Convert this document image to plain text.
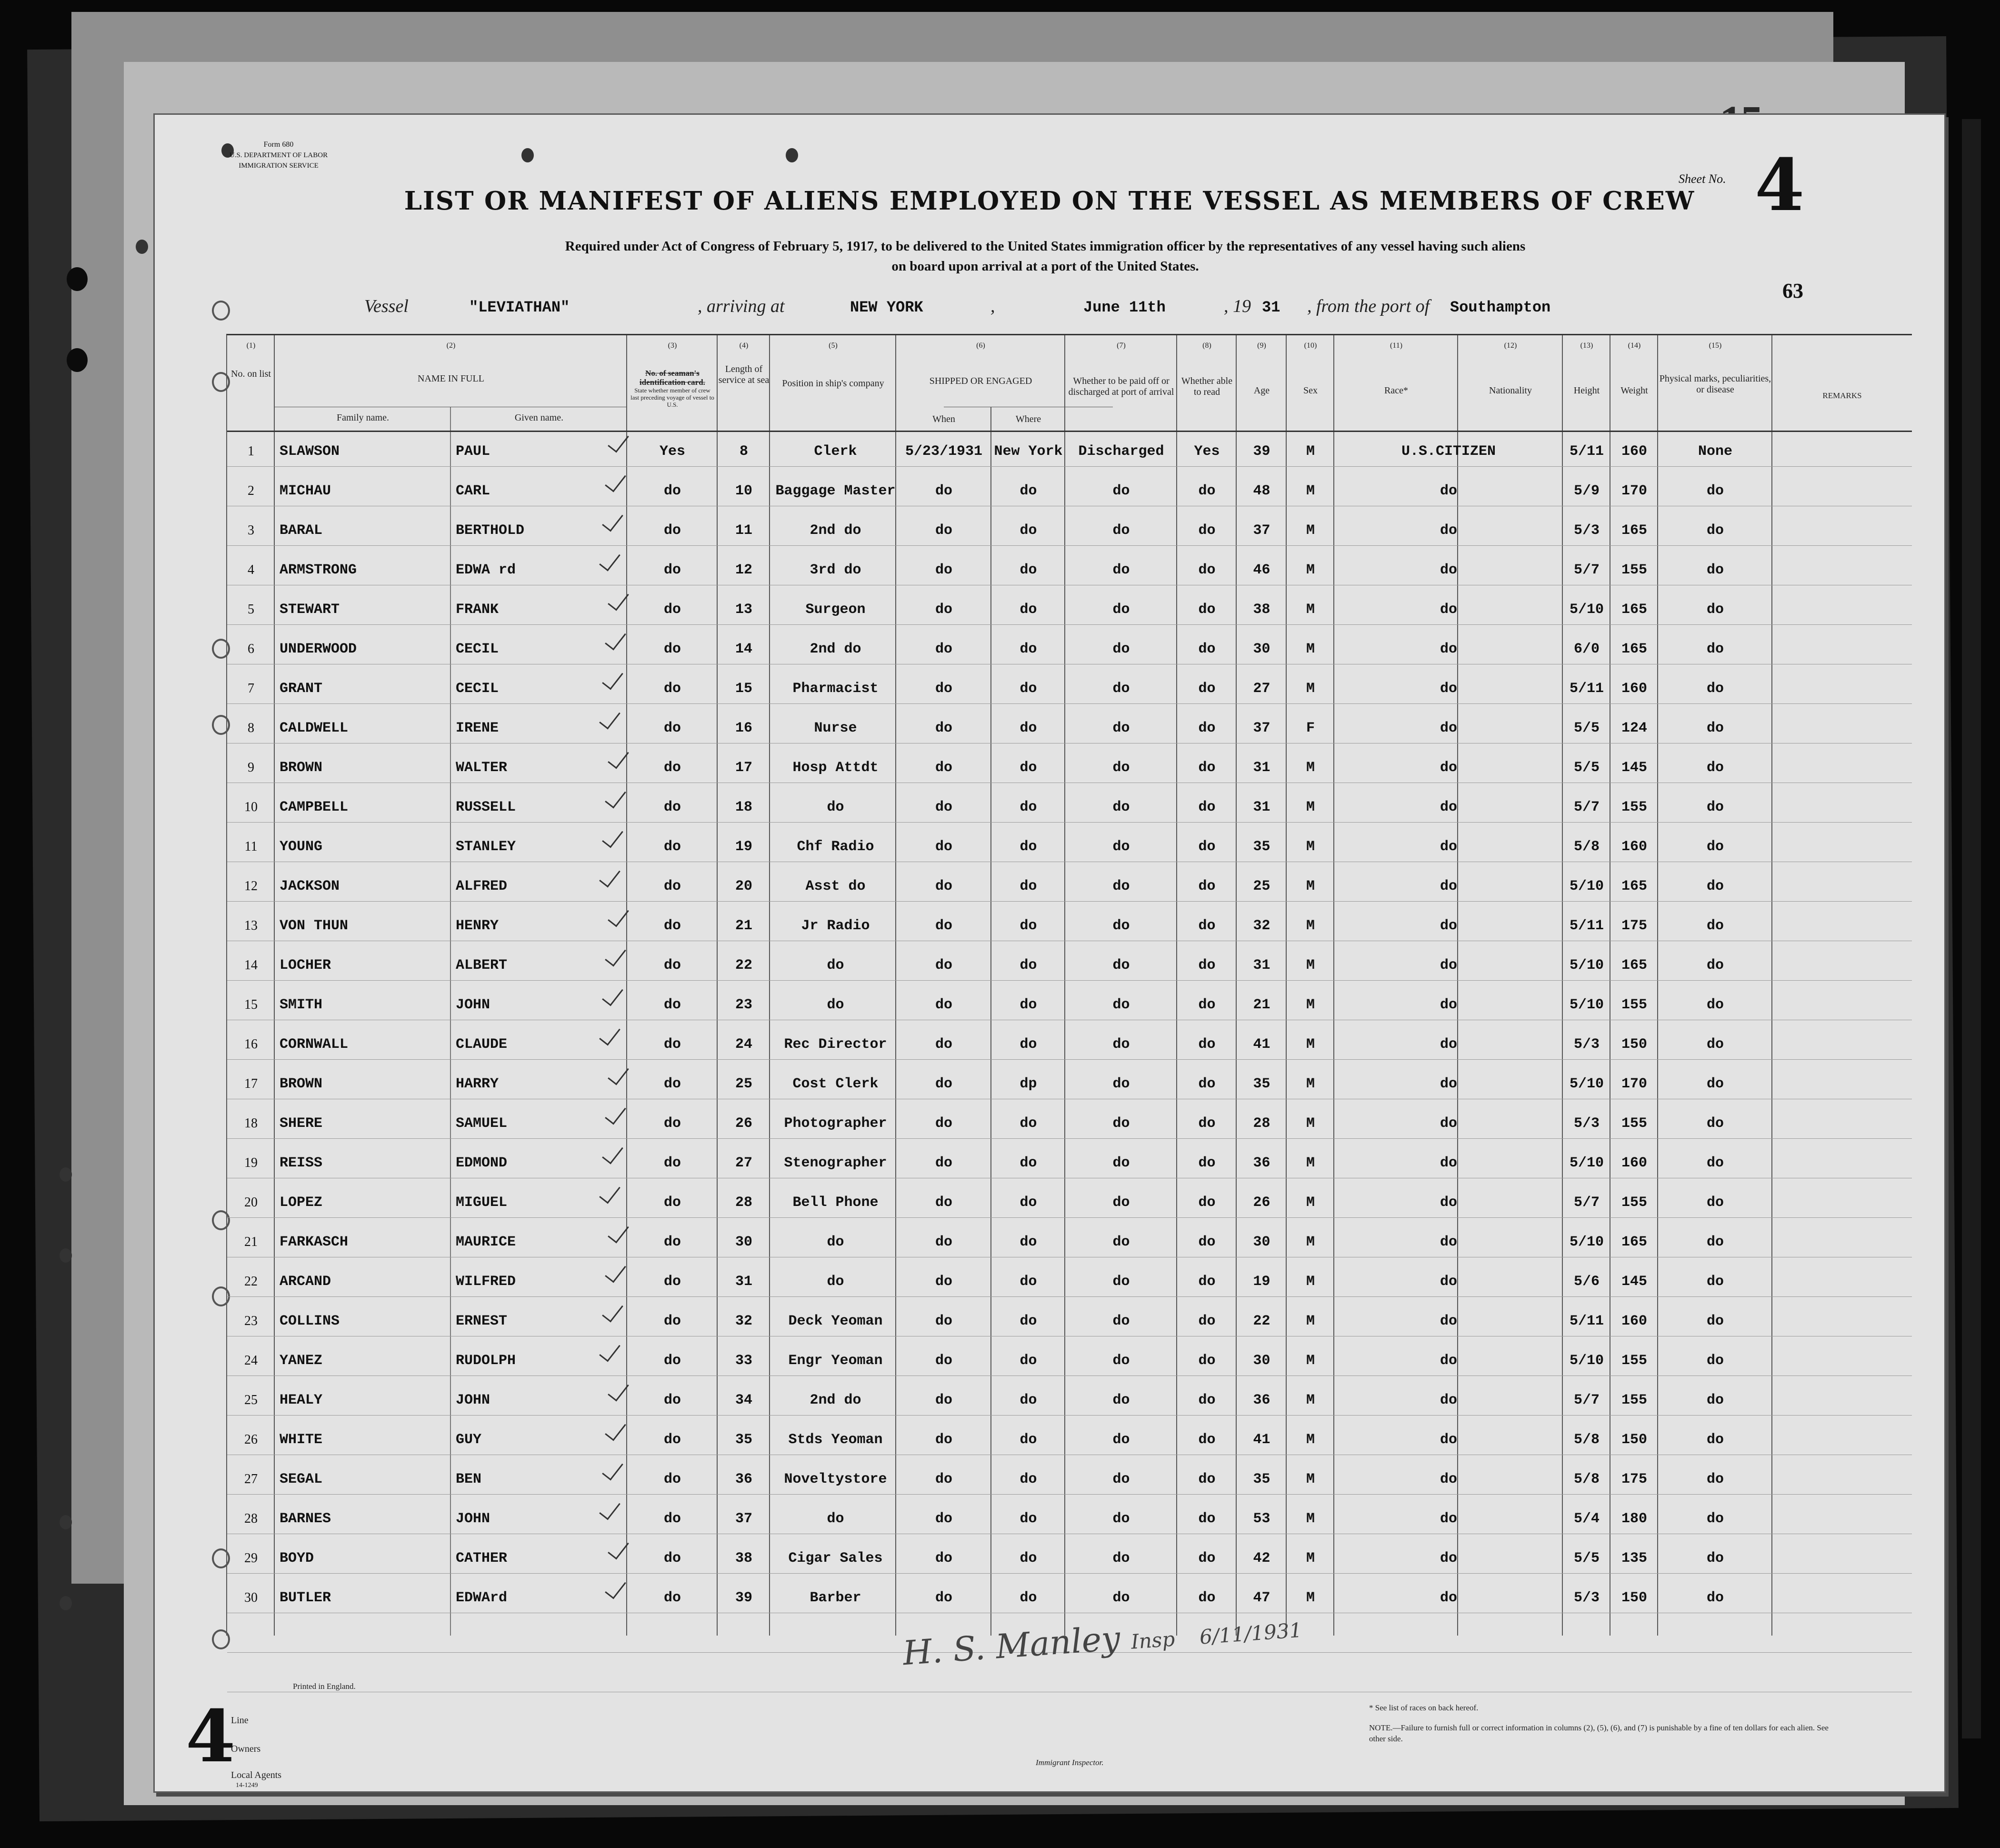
Form 680
U.S. DEPARTMENT OF LABOR
IMMIGRATION SERVICE
Sheet No. 4
LIST OR MANIFEST OF ALIENS EMPLOYED ON THE VESSEL AS MEMBERS OF CREW
Required under Act of Congress of February 5, 1917, to be delivered to the United States immigration officer by the representatives of any vessel having such aliens
on board upon arrival at a port of the United States.
Vessel	"LEVIATHAN"	, arriving at	NEW YORK	,	June 11th	, 19 31 , from the port of Southampton
63
(1)	(2)	(3)	(4)	(5)	(6)	(7)	(8)	(9)	(10)	(11)	(12)	(13)	(14)	(15)
No. on list	NAME IN FULL
Family name.	Given name.
No. of seaman's identification card.
State whether member of crew last preceding voyage of vessel to U.S.
Length of service at sea	Position in ship's company	SHIPPED OR ENGAGED
When	Where
Whether to be paid off or discharged at port of arrival
Whether able to read	Age	Sex	Race*	Nationality	Height	Weight
Physical marks, peculiarities, or disease
REMARKS
1	SLAWSON	PAUL	Yes	8	Clerk	5/23/1931 New York	Discharged	Yes	39	M	U.S.CITIZEN	5/11	160	None
2	MICHAU	CARL	do	10	Baggage Master	do	do	do	do	48	M	do	5/9	170	do
3	BARAL	BERTHOLD	do	11	2nd do	do	do	do	do	37	M	do	5/3	165	do
4	ARMSTRONG	EDWA rd	do	12	3rd do	do	do	do	do	46	M	do	5/7	155	do
5	STEWART	FRANK	do	13	Surgeon	do	do	do	do	38	M	do	5/10	165	do
6	UNDERWOOD	CECIL	do	14	2nd do	do	do	do	do	30	M	do	6/0	165	do
7	GRANT	CECIL	do	15	Pharmacist	do	do	do	do	27	M	do	5/11	160	do
8	CALDWELL	IRENE	do	16	Nurse	do	do	do	do	37	F	do	5/5	124	do
9	BROWN	WALTER	do	17	Hosp Attdt	do	do	do	do	31	M	do	5/5	145	do
10	CAMPBELL	RUSSELL	do	18	do	do	do	do	do	31	M	do	5/7	155	do
11	YOUNG	STANLEY	do	19	Chf Radio	do	do	do	do	35	M	do	5/8	160	do
12	JACKSON	ALFRED	do	20	Asst do	do	do	do	do	25	M	do	5/10	165	do
13	VON THUN	HENRY	do	21	Jr Radio	do	do	do	do	32	M	do	5/11	175	do
14	LOCHER	ALBERT	do	22	do	do	do	do	do	31	M	do	5/10	165	do
15	SMITH	JOHN	do	23	do	do	do	do	do	21	M	do	5/10	155	do
16	CORNWALL	CLAUDE	do	24	Rec Director	do	do	do	do	41	M	do	5/3	150	do
17	BROWN	HARRY	do	25	Cost Clerk	do	dp	do	do	35	M	do	5/10	170	do
18	SHERE	SAMUEL	do	26	Photographer	do	do	do	do	28	M	do	5/3	155	do
19	REISS	EDMOND	do	27	Stenographer	do	do	do	do	36	M	do	5/10	160	do
20	LOPEZ	MIGUEL	do	28	Bell Phone	do	do	do	do	26	M	do	5/7	155	do
21	FARKASCH	MAURICE	do	30	do	do	do	do	do	30	M	do	5/10	165	do
22	ARCAND	WILFRED	do	31	do	do	do	do	do	19	M	do	5/6	145	do
23	COLLINS	ERNEST	do	32	Deck Yeoman	do	do	do	do	22	M	do	5/11	160	do
24	YANEZ	RUDOLPH	do	33	Engr Yeoman	do	do	do	do	30	M	do	5/10	155	do
25	HEALY	JOHN	do	34	2nd do	do	do	do	do	36	M	do	5/7	155	do
26	WHITE	GUY	do	35	Stds Yeoman	do	do	do	do	41	M	do	5/8	150	do
27	SEGAL	BEN	do	36	Noveltystore	do	do	do	do	35	M	do	5/8	175	do
28	BARNES	JOHN	do	37	do	do	do	do	do	53	M	do	5/4	180	do
29	BOYD	CATHER	do	38	Cigar Sales	do	do	do	do	42	M	do	5/5	135	do
30	BUTLER	EDWArd	do	39	Barber	do	do	do	do	47	M	do	5/3	150	do
H. S. Manley Insp 6/11/1931
Printed in England.
4
Line
Owners
Local Agents
14-1249
Immigrant Inspector.
* See list of races on back hereof.
NOTE.—Failure to furnish full or correct information in columns (2), (5), (6), and (7) is punishable by a fine of ten dollars for each alien. See other side.
